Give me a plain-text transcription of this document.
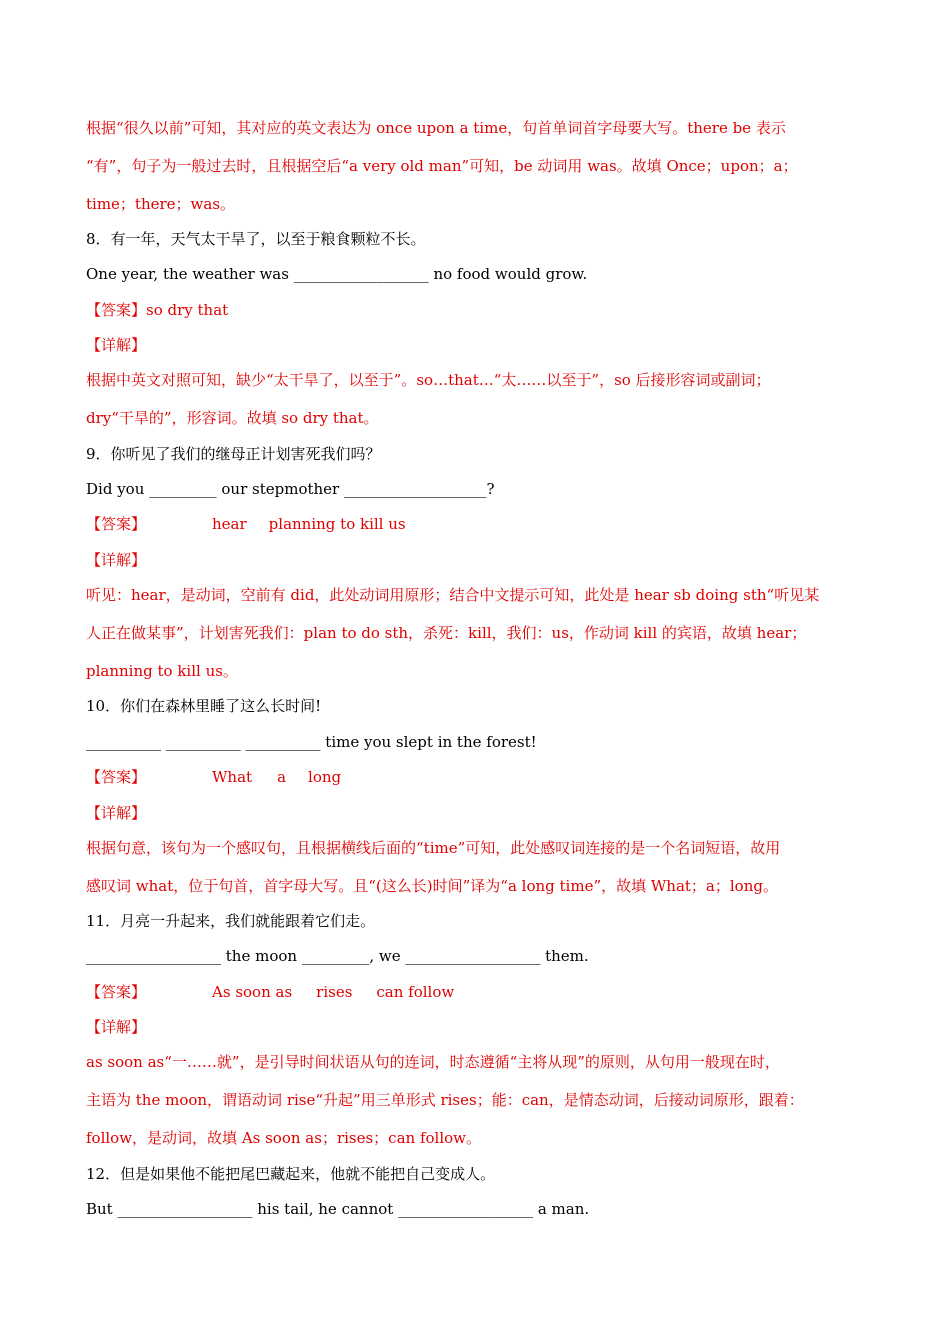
根据“很久以前”可知，其对应的英文表达为 once upon a time，句首单词首字母要大写。there be 表示
“有”，句子为一般过去时，且根据空后“a very old man”可知，be 动词用 was。故填 Once；upon；a；
time；there；was。
8．有一年，天气太干旱了，以至于粮食颗粒不长。
One year, the weather was __________________ no food would grow.
【答案】so dry that
【详解】
根据中英文对照可知，缺少“太干旱了，以至于”。so…that…“太……以至于”，so 后接形容词或副词；
dry“干旱的”，形容词。故填 so dry that。
9．你听见了我们的继母正计划害死我们吗？
Did you _________ our stepmother ___________________?
【答案】	hear planning to kill us
【详解】
听见：hear，是动词，空前有 did，此处动词用原形；结合中文提示可知，此处是 hear sb doing sth“听见某
人正在做某事”，计划害死我们：plan to do sth，杀死：kill，我们：us，作动词 kill 的宾语，故填 hear；
planning to kill us。
10．你们在森林里睡了这么长时间!
__________ __________ __________ time you slept in the forest!
【答案】	What a long
【详解】
根据句意，该句为一个感叹句，且根据横线后面的“time”可知，此处感叹词连接的是一个名词短语，故用
感叹词 what，位于句首，首字母大写。且“(这么长)时间”译为“a long time”，故填 What；a；long。
11．月亮一升起来，我们就能跟着它们走。
__________________ the moon _________, we __________________ them.
【答案】	As soon as rises can follow
【详解】
as soon as“一……就”，是引导时间状语从句的连词，时态遵循“主将从现”的原则，从句用一般现在时，
主语为 the moon，谓语动词 rise“升起”用三单形式 rises；能：can，是情态动词，后接动词原形，跟着：
follow，是动词，故填 As soon as；rises；can follow。
12．但是如果他不能把尾巴藏起来，他就不能把自己变成人。
But __________________ his tail, he cannot __________________ a man.
